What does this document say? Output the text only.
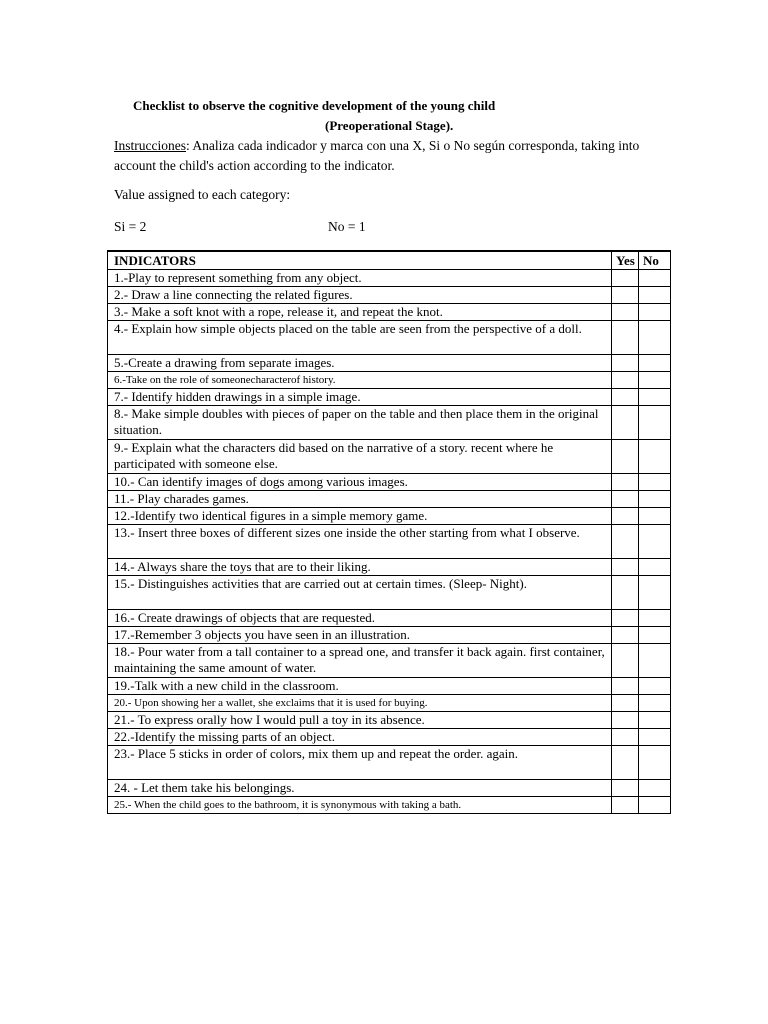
Checklist to observe the cognitive development of the young child
(Preoperational Stage).
Instrucciones: Analiza cada indicador y marca con una X, Si o No según corresponda, taking into account the child's action according to the indicator.
Value assigned to each category:
Si = 2	No = 1
INDICATORS	Yes	No
1.-Play to represent something from any object.		
2.- Draw a line connecting the related figures.		
3.- Make a soft knot with a rope, release it, and repeat the knot.		
4.- Explain how simple objects placed on the table are seen from the perspective of a doll.		
5.-Create a drawing from separate images.		
6.-Take on the role of someonecharacterof history.		
7.- Identify hidden drawings in a simple image.		
8.- Make simple doubles with pieces of paper on the table and then place them in the original situation.		
9.- Explain what the characters did based on the narrative of a story. recent where he participated with someone else.		
10.- Can identify images of dogs among various images.		
11.- Play charades games.		
12.-Identify two identical figures in a simple memory game.		
13.- Insert three boxes of different sizes one inside the other starting from what I observe.		
14.- Always share the toys that are to their liking.		
15.- Distinguishes activities that are carried out at certain times. (Sleep- Night).		
16.- Create drawings of objects that are requested.		
17.-Remember 3 objects you have seen in an illustration.		
18.- Pour water from a tall container to a spread one, and transfer it back again. first container, maintaining the same amount of water.		
19.-Talk with a new child in the classroom.		
20.- Upon showing her a wallet, she exclaims that it is used for buying.		
21.- To express orally how I would pull a toy in its absence.		
22.-Identify the missing parts of an object.		
23.- Place 5 sticks in order of colors, mix them up and repeat the order. again.		
24. - Let them take his belongings.		
25.- When the child goes to the bathroom, it is synonymous with taking a bath.		
